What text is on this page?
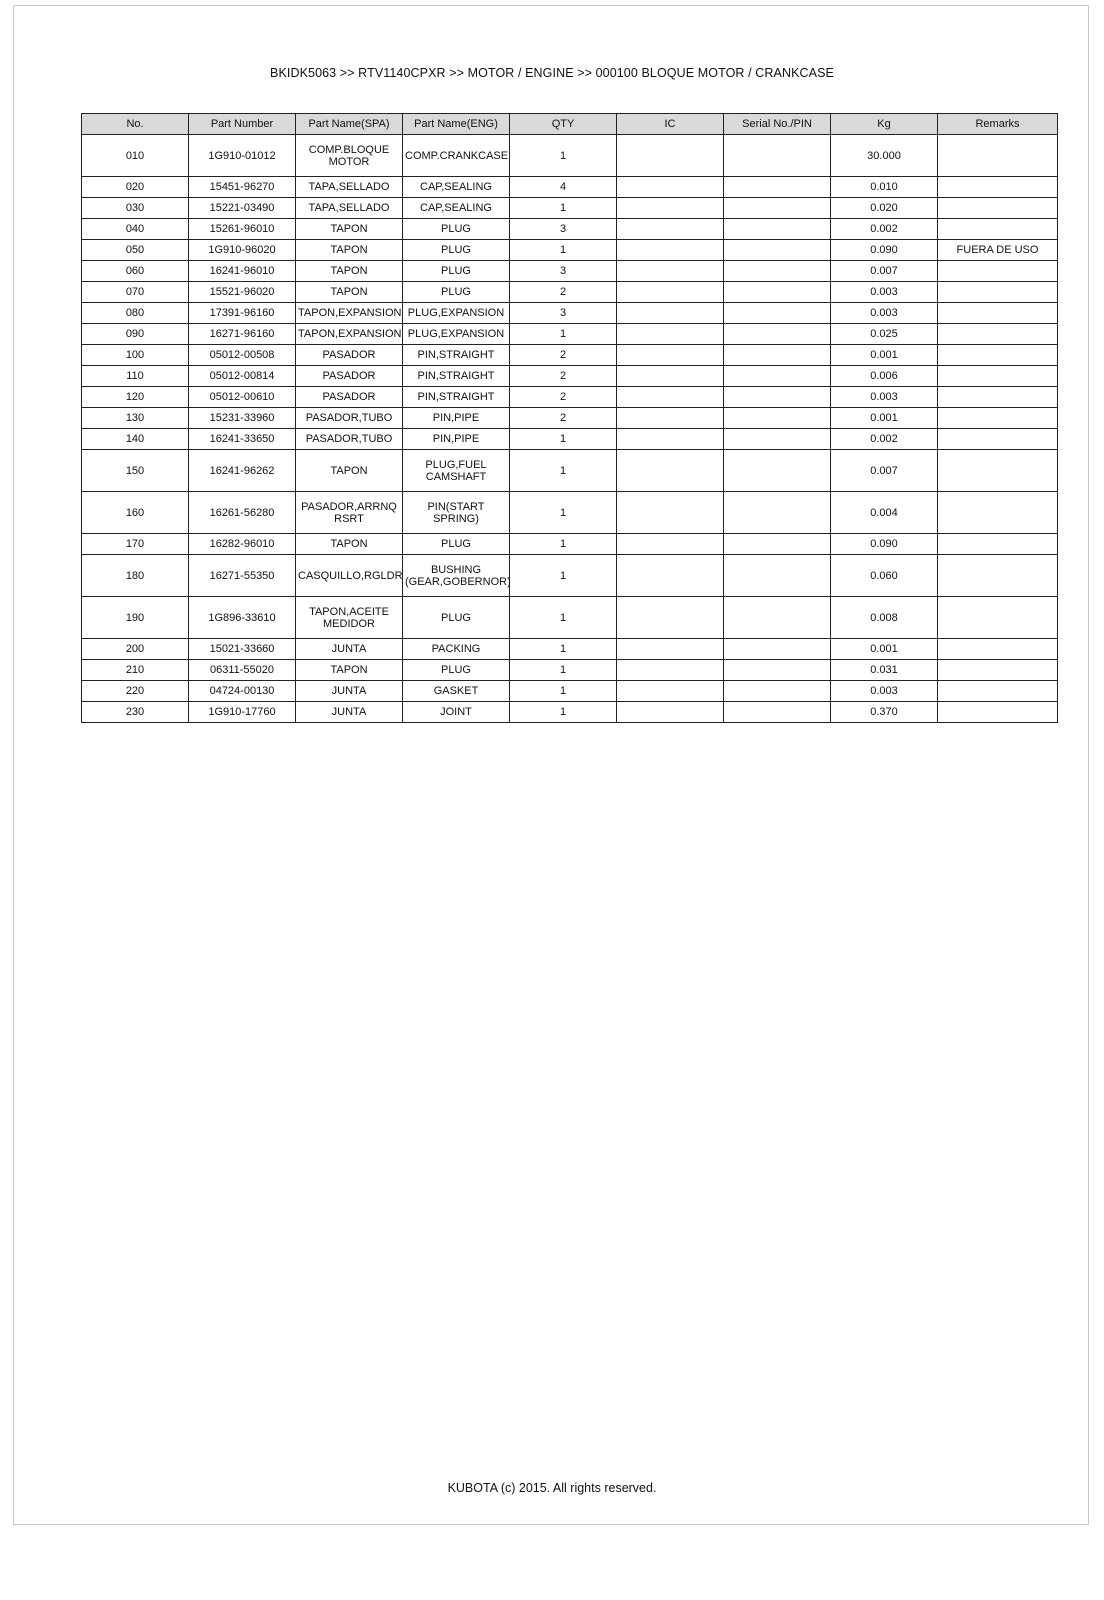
BKIDK5063 >> RTV1140CPXR >> MOTOR / ENGINE >> 000100 BLOQUE MOTOR / CRANKCASE
No.	Part Number	Part Name(SPA)	Part Name(ENG)	QTY	IC	Serial No./PIN	Kg	Remarks
010	1G910-01012	COMP.BLOQUE MOTOR	COMP.CRANKCASE	1			30.000	
020	15451-96270	TAPA,SELLADO	CAP,SEALING	4			0.010	
030	15221-03490	TAPA,SELLADO	CAP,SEALING	1			0.020	
040	15261-96010	TAPON	PLUG	3			0.002	
050	1G910-96020	TAPON	PLUG	1			0.090	FUERA DE USO
060	16241-96010	TAPON	PLUG	3			0.007	
070	15521-96020	TAPON	PLUG	2			0.003	
080	17391-96160	TAPON,EXPANSION	PLUG,EXPANSION	3			0.003	
090	16271-96160	TAPON,EXPANSION	PLUG,EXPANSION	1			0.025	
100	05012-00508	PASADOR	PIN,STRAIGHT	2			0.001	
110	05012-00814	PASADOR	PIN,STRAIGHT	2			0.006	
120	05012-00610	PASADOR	PIN,STRAIGHT	2			0.003	
130	15231-33960	PASADOR,TUBO	PIN,PIPE	2			0.001	
140	16241-33650	PASADOR,TUBO	PIN,PIPE	1			0.002	
150	16241-96262	TAPON	PLUG,FUEL CAMSHAFT	1			0.007	
160	16261-56280	PASADOR,ARRNQ RSRT	PIN(START SPRING)	1			0.004	
170	16282-96010	TAPON	PLUG	1			0.090	
180	16271-55350	CASQUILLO,RGLDR	BUSHING (GEAR,GOBERNOR)	1			0.060	
190	1G896-33610	TAPON,ACEITE MEDIDOR	PLUG	1			0.008	
200	15021-33660	JUNTA	PACKING	1			0.001	
210	06311-55020	TAPON	PLUG	1			0.031	
220	04724-00130	JUNTA	GASKET	1			0.003	
230	1G910-17760	JUNTA	JOINT	1			0.370	
KUBOTA (c) 2015. All rights reserved.
